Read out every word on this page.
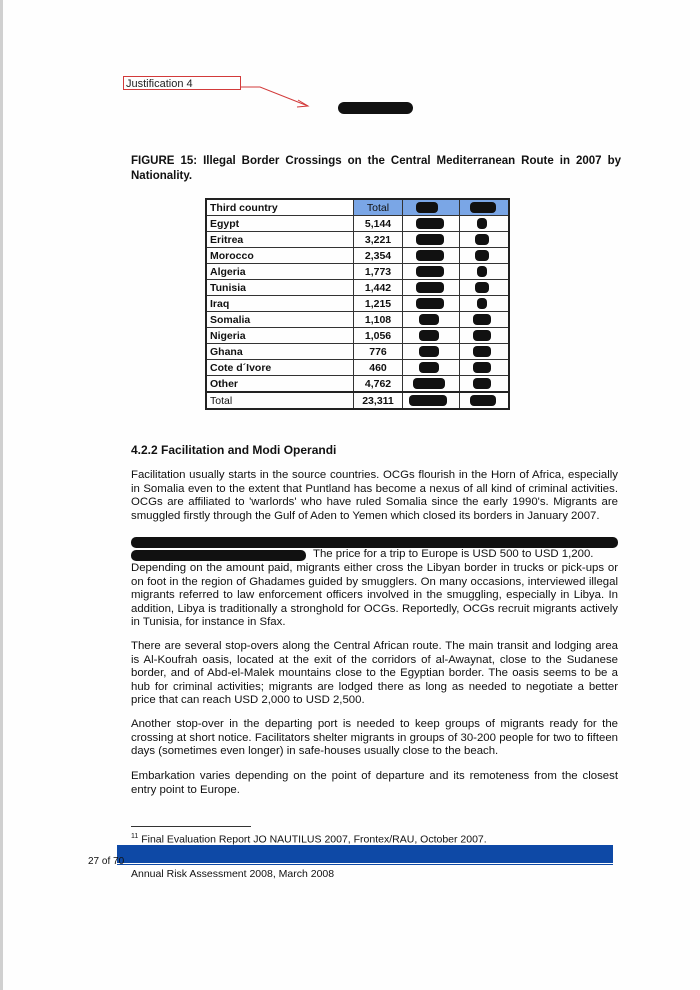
Justification 4
FIGURE 15: Illegal Border Crossings on the Central Mediterranean Route in 2007 by Nationality.
Third country	Total	

Egypt	5,144	

Eritrea	3,221	

Morocco	2,354	

Algeria	1,773	

Tunisia	1,442	

Iraq	1,215	

Somalia	1,108	

Nigeria	1,056	

Ghana	776	

Cote d´Ivore	460	

Other	4,762	

Total	23,311	

4.2.2 Facilitation and Modi Operandi
Facilitation usually starts in the source countries. OCGs flourish in the Horn of Africa, especially in Somalia even to the extent that Puntland has become a nexus of all kind of criminal activities. OCGs are affiliated to 'warlords' who have ruled Somalia since the early 1990's. Migrants are smuggled firstly through the Gulf of Aden to Yemen which closed its borders in January 2007.
The price for a trip to Europe is USD 500 to USD 1,200.
Depending on the amount paid, migrants either cross the Libyan border in trucks or pick-ups or on foot in the region of Ghadames guided by smugglers. On many occasions, interviewed illegal migrants referred to law enforcement officers involved in the smuggling, especially in Libya. In addition, Libya is traditionally a stronghold for OCGs. Reportedly, OCGs recruit migrants actively in Tunisia, for instance in Sfax.
There are several stop-overs along the Central African route. The main transit and lodging area is Al-Koufrah oasis, located at the exit of the corridors of al-Awaynat, close to the Sudanese border, and of Abd-el-Malek mountains close to the Egyptian border. The oasis seems to be a hub for criminal activities; migrants are lodged there as long as needed to negotiate a better price that can reach USD 2,000 to USD 2,500.
Another stop-over in the departing port is needed to keep groups of migrants ready for the crossing at short notice. Facilitators shelter migrants in groups of 30-200 people for two to fifteen days (sometimes even longer) in safe-houses usually close to the beach.
Embarkation varies depending on the point of departure and its remoteness from the closest entry point to Europe.
$^{11}$ Final Evaluation Report JO NAUTILUS 2007, Frontex/RAU, October 2007.
27 of 70
Annual Risk Assessment 2008, March 2008
